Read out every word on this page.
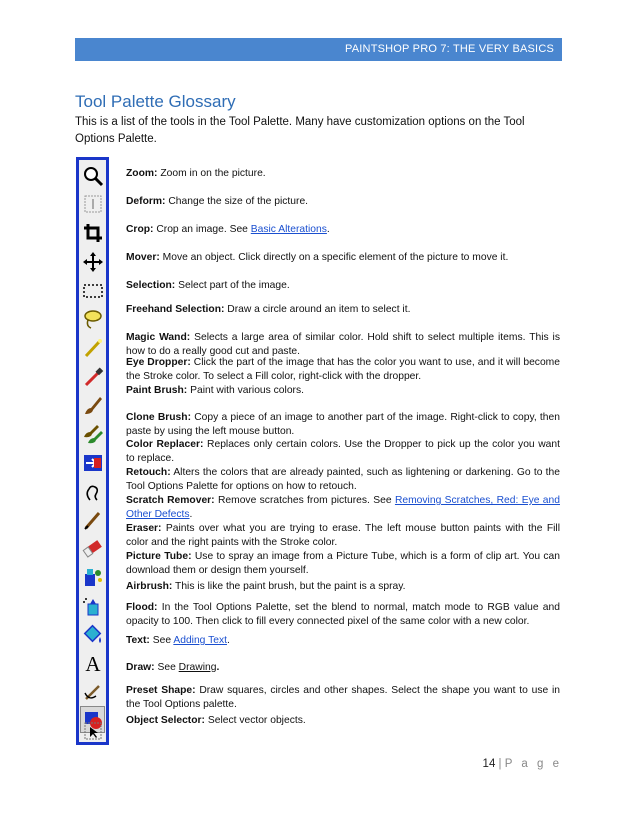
PAINTSHOP PRO 7: THE VERY BASICS
Tool Palette Glossary
This is a list of the tools in the Tool Palette. Many have customization options on the Tool Options Palette.
A
Zoom: Zoom in on the picture.
Deform: Change the size of the picture.
Crop: Crop an image. See Basic Alterations.
Mover: Move an object. Click directly on a specific element of the picture to move it.
Selection: Select part of the image.
Freehand Selection: Draw a circle around an item to select it.
Magic Wand: Selects a large area of similar color. Hold shift to select multiple items. This is how to do a really good cut and paste.
Eye Dropper: Click the part of the image that has the color you want to use, and it will become the Stroke color. To select a Fill color, right-click with the dropper.
Paint Brush: Paint with various colors.
Clone Brush: Copy a piece of an image to another part of the image. Right-click to copy, then paste by using the left mouse button.
Color Replacer: Replaces only certain colors. Use the Dropper to pick up the color you want to replace.
Retouch: Alters the colors that are already painted, such as lightening or darkening. Go to the Tool Options Palette for options on how to retouch.
Scratch Remover: Remove scratches from pictures. See Removing Scratches, Red: Eye and Other Defects.
Eraser: Paints over what you are trying to erase. The left mouse button paints with the Fill color and the right paints with the Stroke color.
Picture Tube: Use to spray an image from a Picture Tube, which is a form of clip art. You can download them or design them yourself.
Airbrush: This is like the paint brush, but the paint is a spray.
Flood: In the Tool Options Palette, set the blend to normal, match mode to RGB value and opacity to 100. Then click to fill every connected pixel of the same color with a new color.
Text: See Adding Text.
Draw: See Drawing.
Preset Shape: Draw squares, circles and other shapes. Select the shape you want to use in the Tool Options palette.
Object Selector: Select vector objects.
14 | P a g e
